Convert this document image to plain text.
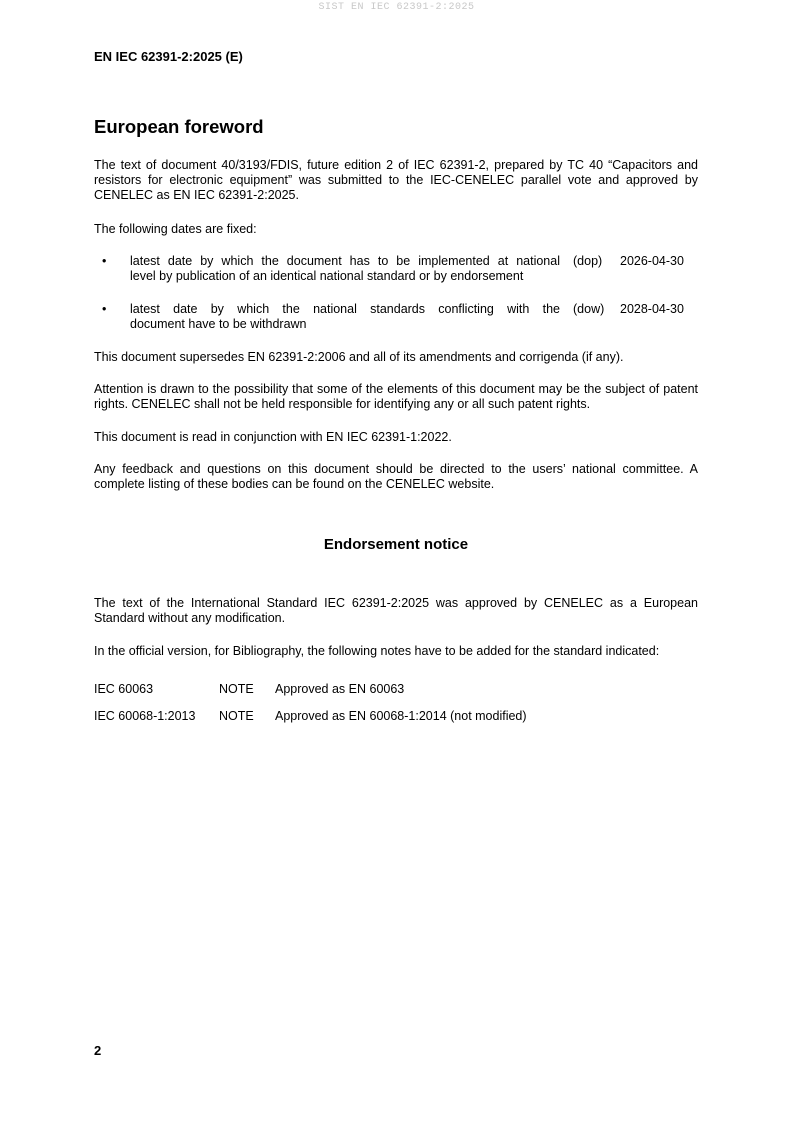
SIST EN IEC 62391-2:2025
EN IEC 62391-2:2025 (E)
European foreword
The text of document 40/3193/FDIS, future edition 2 of IEC 62391-2, prepared by TC 40 “Capacitors and resistors for electronic equipment” was submitted to the IEC-CENELEC parallel vote and approved by CENELEC as EN IEC 62391-2:2025.
The following dates are fixed:
• latest date by which the document has to be implemented at national
level by publication of an identical national standard or by endorsement
(dop) 2026-04-30
• latest date by which the national standards conflicting with the
document have to be withdrawn
(dow) 2028-04-30
This document supersedes EN 62391-2:2006 and all of its amendments and corrigenda (if any).
Attention is drawn to the possibility that some of the elements of this document may be the subject of patent rights. CENELEC shall not be held responsible for identifying any or all such patent rights.
This document is read in conjunction with EN IEC 62391-1:2022.
Any feedback and questions on this document should be directed to the users’ national committee. A complete listing of these bodies can be found on the CENELEC website.
Endorsement notice
The text of the International Standard IEC 62391-2:2025 was approved by CENELEC as a European Standard without any modification.
In the official version, for Bibliography, the following notes have to be added for the standard indicated:
IEC 60063	NOTE Approved as EN 60063
IEC 60068-1:2013 NOTE Approved as EN 60068-1:2014 (not modified)
2
